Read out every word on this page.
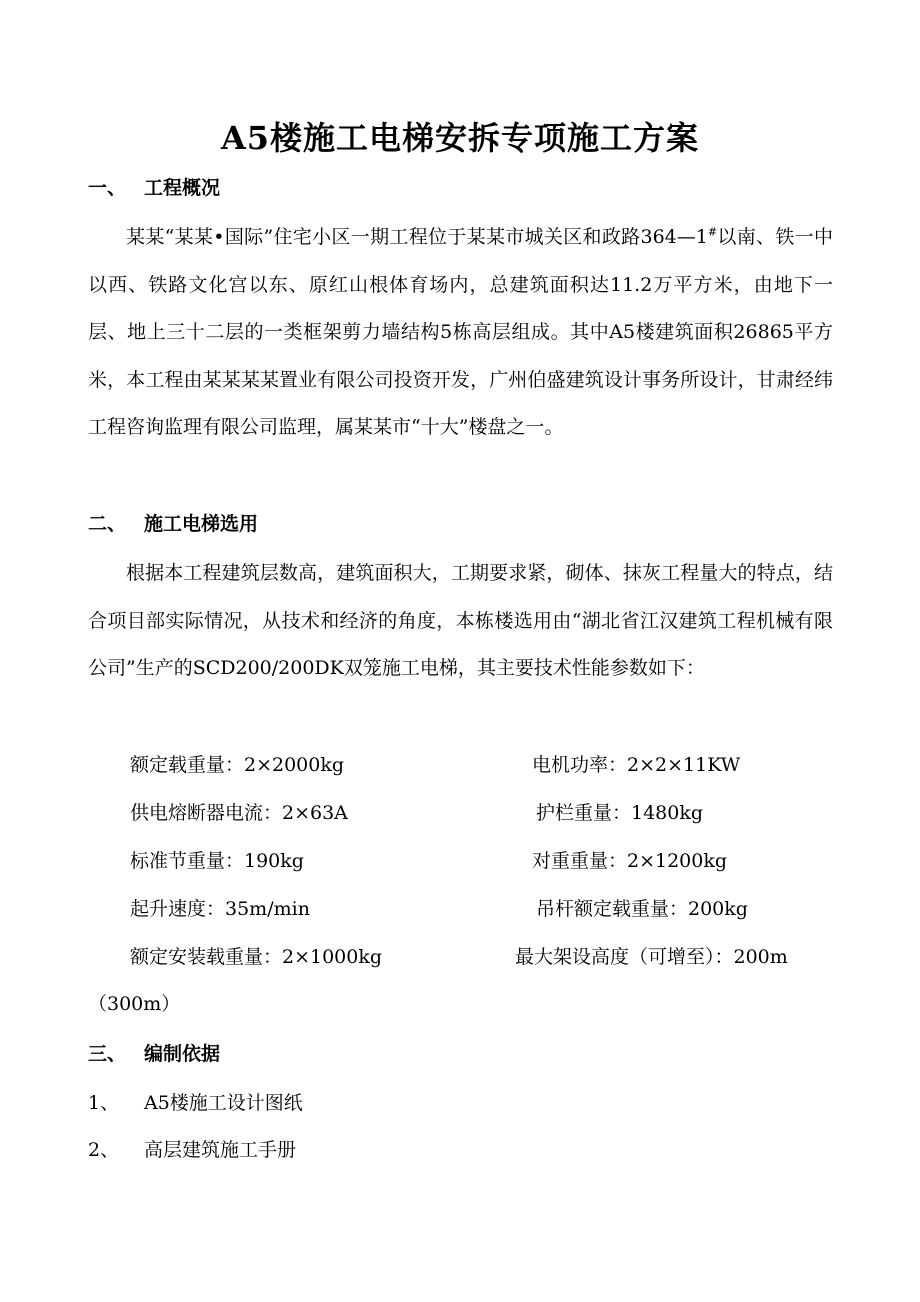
A5楼施工电梯安拆专项施工方案
一、 工程概况

某某“某某•国际”住宅小区一期工程位于某某市城关区和政路364—1#以南、铁一中以西、铁路文化宫以东、原红山根体育场内，总建筑面积达11.2万平方米，由地下一层、地上三十二层的一类框架剪力墙结构5栋高层组成。其中A5楼建筑面积26865平方米，本工程由某某某某置业有限公司投资开发，广州伯盛建筑设计事务所设计，甘肃经纬工程咨询监理有限公司监理，属某某市“十大”楼盘之一。

二、 施工电梯选用

根据本工程建筑层数高，建筑面积大，工期要求紧，砌体、抹灰工程量大的特点，结合项目部实际情况，从技术和经济的角度，本栋楼选用由“湖北省江汉建筑工程机械有限公司”生产的SCD200/200DK双笼施工电梯，其主要技术性能参数如下：

额定载重量：2×2000kg	电机功率：2×2×11KW
供电熔断器电流：2×63A	护栏重量：1480kg
标准节重量：190kg	对重重量：2×1200kg
起升速度：35m/min	吊杆额定载重量：200kg
额定安装载重量：2×1000kg	最大架设高度（可增至）：200m
（300m）
三、 编制依据
1、 A5楼施工设计图纸
2、 高层建筑施工手册
